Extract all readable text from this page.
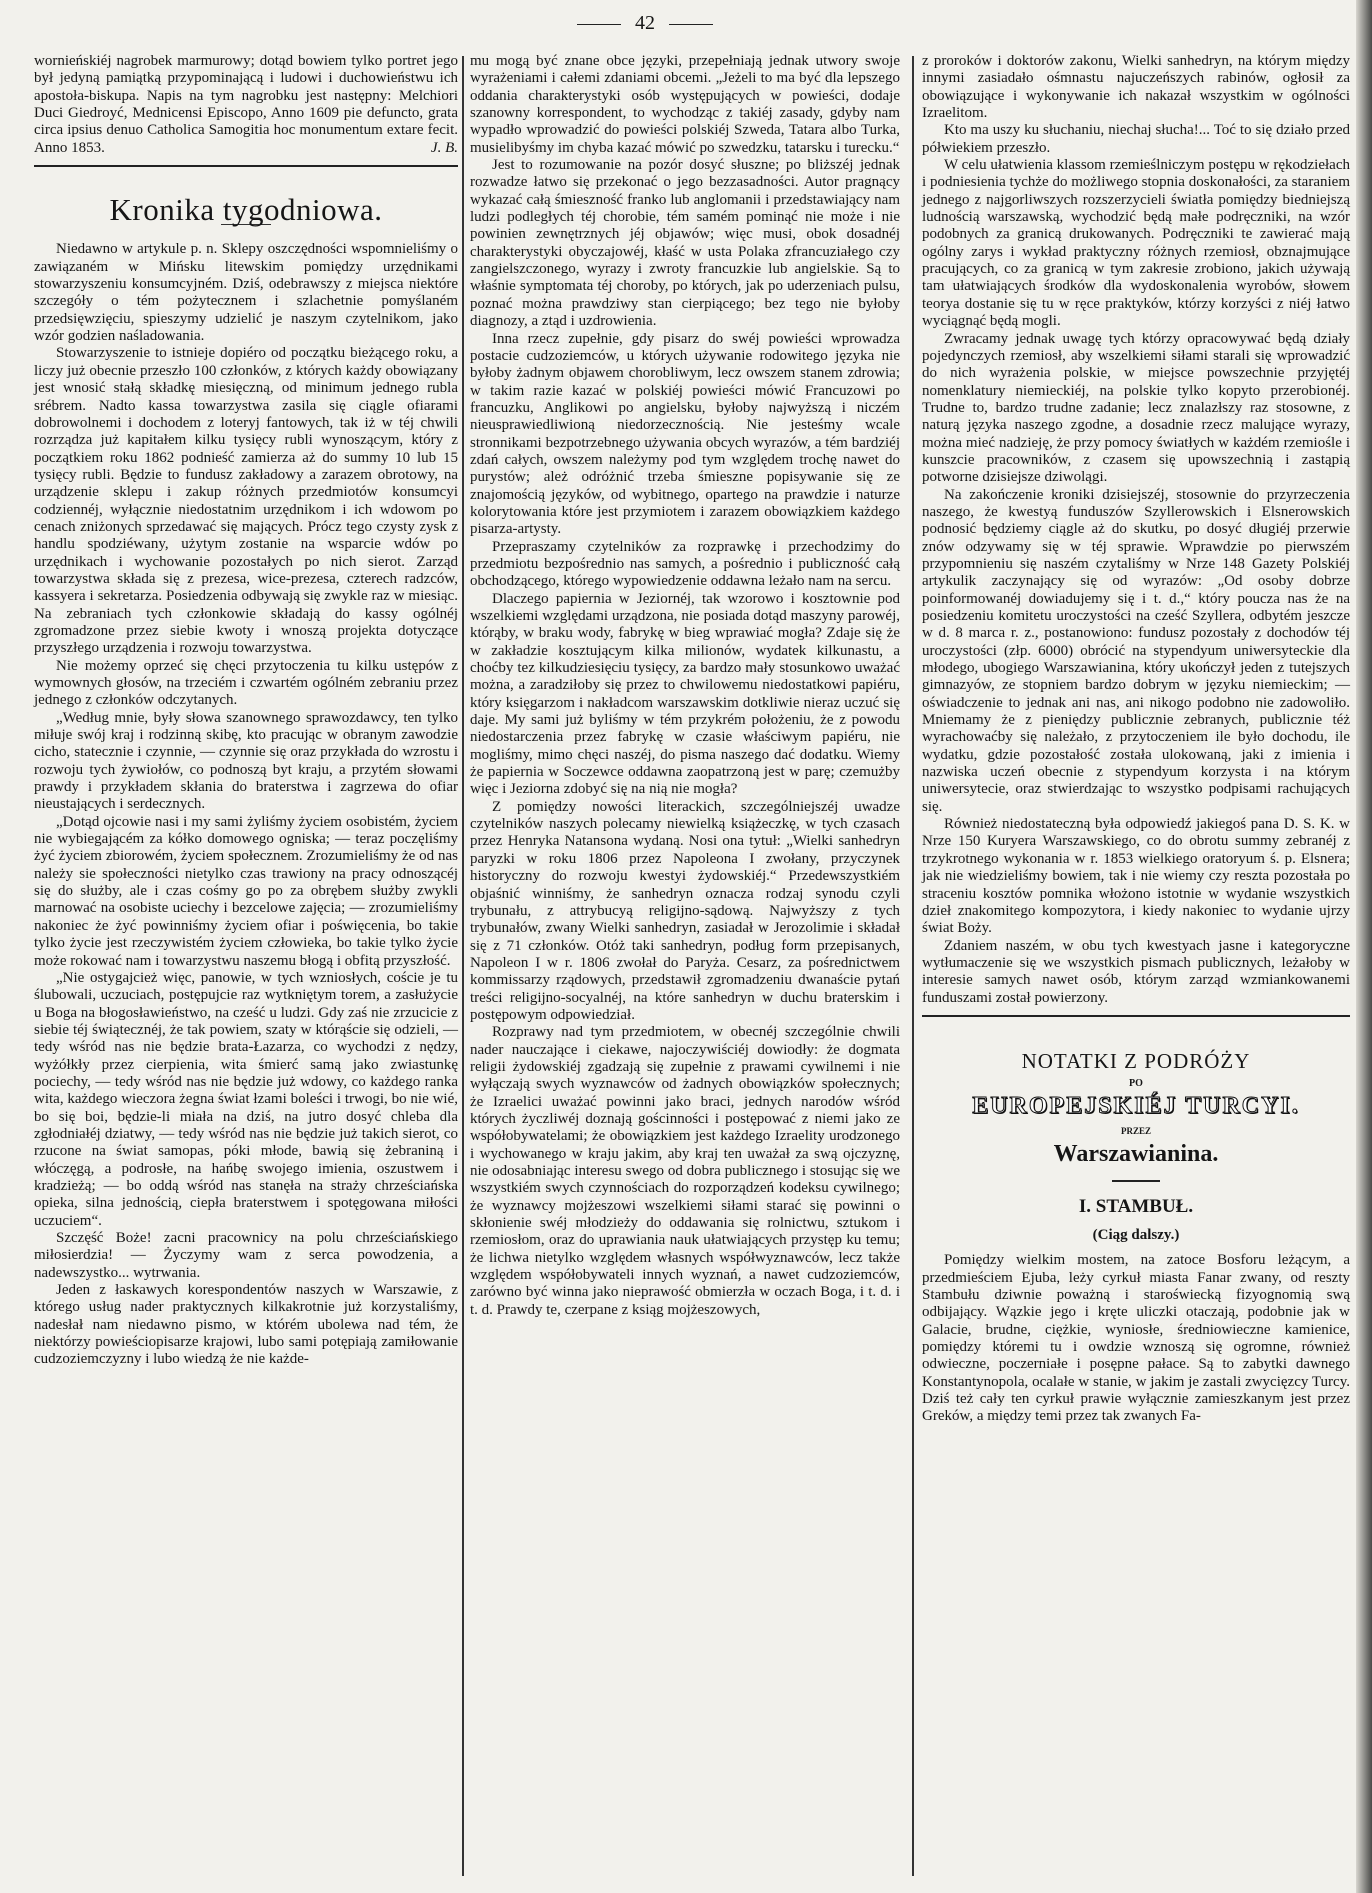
42

wornieńskiéj nagrobek marmurowy; dotąd bowiem tylko portret jego był jedyną pamiątką przypominającą i ludowi i duchowieństwu ich apostoła-biskupa. Napis na tym nagrobku jest następny: Melchiori Duci Giedroyć, Mednicensi Episcopo, Anno 1609 pie defuncto, grata circa ipsius denuo Catholica Samogitia hoc monumentum extare fecit. Anno 1853.	J. B.

Kronika tygodniowa.

Niedawno w artykule p. n. Sklepy oszczędności wspomnieliśmy o zawiązaném w Mińsku litewskim pomiędzy urzędnikami stowarzyszeniu konsumcyjném. Dziś, odebrawszy z miejsca niektóre szczegóły o tém pożytecznem i szlachetnie pomyślaném przedsięwzięciu, spieszymy udzielić je naszym czytelnikom, jako wzór godzien naśladowania.

Stowarzyszenie to istnieje dopiéro od początku bieżącego roku, a liczy już obecnie przeszło 100 członków, z których każdy obowiązany jest wnosić stałą składkę miesięczną, od minimum jednego rubla srébrem. Nadto kassa towarzystwa zasila się ciągle ofiarami dobrowolnemi i dochodem z loteryj fantowych, tak iż w téj chwili rozrządza już kapitałem kilku tysięcy rubli wynoszącym, który z początkiem roku 1862 podnieść zamierza aż do summy 10 lub 15 tysięcy rubli. Będzie to fundusz zakładowy a zarazem obrotowy, na urządzenie sklepu i zakup różnych przedmiotów konsumcyi codziennéj, wyłącznie niedostatnim urzędnikom i ich wdowom po cenach zniżonych sprzedawać się mających. Prócz tego czysty zysk z handlu spodziéwany, użytym zostanie na wsparcie wdów po urzędnikach i wychowanie pozostałych po nich sierot. Zarząd towarzystwa składa się z prezesa, wice-prezesa, czterech radzców, kassyera i sekretarza. Posiedzenia odbywają się zwykle raz w miesiąc. Na zebraniach tych członkowie składają do kassy ogólnéj zgromadzone przez siebie kwoty i wnoszą projekta dotyczące przyszłego urządzenia i rozwoju towarzystwa.

Nie możemy oprzeć się chęci przytoczenia tu kilku ustępów z wymownych głosów, na trzeciém i czwartém ogólném zebraniu przez jednego z członków odczytanych.

„Według mnie, były słowa szanownego sprawozdawcy, ten tylko miłuje swój kraj i rodzinną skibę, kto pracując w obranym zawodzie cicho, statecznie i czynnie, — czynnie się oraz przykłada do wzrostu i rozwoju tych żywiołów, co podnoszą byt kraju, a przytém słowami prawdy i przykładem skłania do braterstwa i zagrzewa do ofiar nieustających i serdecznych.

„Dotąd ojcowie nasi i my sami żyliśmy życiem osobistém, życiem nie wybiegającém za kółko domowego ogniska; — teraz poczęliśmy żyć życiem zbiorowém, życiem społecznem. Zrozumieliśmy że od nas należy sie społeczności nietylko czas trawiony na pracy odnoszącéj się do służby, ale i czas cośmy go po za obrębem służby zwykli marnować na osobiste uciechy i bezcelowe zajęcia; — zrozumieliśmy nakoniec że żyć powinniśmy życiem ofiar i poświęcenia, bo takie tylko życie jest rzeczywistém życiem człowieka, bo takie tylko życie może rokować nam i towarzystwu naszemu błogą i obfitą przyszłość.

„Nie ostygajcież więc, panowie, w tych wzniosłych, coście je tu ślubowali, uczuciach, postępujcie raz wytkniętym torem, a zasłużycie u Boga na błogosławieństwo, na cześć u ludzi. Gdy zaś nie zrzucicie z siebie téj świątecznéj, że tak powiem, szaty w którąście się odzieli, — tedy wśród nas nie będzie brata-Łazarza, co wychodzi z nędzy, wyżółkły przez cierpienia, wita śmierć samą jako zwiastunkę pociechy, — tedy wśród nas nie będzie już wdowy, co każdego ranka wita, każdego wieczora żegna świat łzami boleści i trwogi, bo nie wié, bo się boi, będzie-li miała na dziś, na jutro dosyć chleba dla zgłodniałéj dziatwy, — tedy wśród nas nie będzie już takich sierot, co rzucone na świat samopas, póki młode, bawią się żebraniną i włóczęgą, a podrosłe, na hańbę swojego imienia, oszustwem i kradzieżą; — bo oddą wśród nas stanęła na straży chrześciańska opieka, silna jednością, ciepła braterstwem i spotęgowana miłości uczuciem“.

Szczęść Boże! zacni pracownicy na polu chrześciańskiego miłosierdzia! — Życzymy wam z serca powodzenia, a nadewszystko... wytrwania.

Jeden z łaskawych korespondentów naszych w Warszawie, z którego usług nader praktycznych kilkakrotnie już korzystaliśmy, nadesłał nam niedawno pismo, w którém ubolewa nad tém, że niektórzy powieściopisarze krajowi, lubo sami potępiają zamiłowanie cudzoziemczyzny i lubo wiedzą że nie każde-

mu mogą być znane obce języki, przepełniają jednak utwory swoje wyrażeniami i całemi zdaniami obcemi. „Jeżeli to ma być dla lepszego oddania charakterystyki osób występujących w powieści, dodaje szanowny korrespondent, to wychodząc z takiéj zasady, gdyby nam wypadło wprowadzić do powieści polskiéj Szweda, Tatara albo Turka, musielibyśmy im chyba kazać mówić po szwedzku, tatarsku i turecku.“

Jest to rozumowanie na pozór dosyć słuszne; po bliższéj jednak rozwadze łatwo się przekonać o jego bezzasadności. Autor pragnący wykazać całą śmieszność franko lub anglomanii i przedstawiający nam ludzi podległych téj chorobie, tém samém pominąć nie może i nie powinien zewnętrznych jéj objawów; więc musi, obok dosadnéj charakterystyki obyczajowéj, kłaść w usta Polaka zfrancuziałego czy zangielszczonego, wyrazy i zwroty francuzkie lub angielskie. Są to właśnie symptomata téj choroby, po których, jak po uderzeniach pulsu, poznać można prawdziwy stan cierpiącego; bez tego nie byłoby diagnozy, a ztąd i uzdrowienia.

Inna rzecz zupełnie, gdy pisarz do swéj powieści wprowadza postacie cudzoziemców, u których używanie rodowitego języka nie byłoby żadnym objawem chorobliwym, lecz owszem stanem zdrowia; w takim razie kazać w polskiéj powieści mówić Francuzowi po francuzku, Anglikowi po angielsku, byłoby najwyższą i niczém nieusprawiedliwioną niedorzecznością. Nie jesteśmy wcale stronnikami bezpotrzebnego używania obcych wyrazów, a tém bardziéj zdań całych, owszem należymy pod tym względem trochę nawet do purystów; ależ odróżnić trzeba śmieszne popisywanie się ze znajomością języków, od wybitnego, opartego na prawdzie i naturze kolorytowania które jest przymiotem i zarazem obowiązkiem każdego pisarza-artysty.

Przepraszamy czytelników za rozprawkę i przechodzimy do przedmiotu bezpośrednio nas samych, a pośrednio i publiczność całą obchodzącego, którego wypowiedzenie oddawna leżało nam na sercu.

Dlaczego papiernia w Jeziornéj, tak wzorowo i kosztownie pod wszelkiemi względami urządzona, nie posiada dotąd maszyny parowéj, którąby, w braku wody, fabrykę w bieg wprawiać mogła? Zdaje się że w zakładzie kosztującym kilka milionów, wydatek kilkunastu, a choćby tez kilkudziesięciu tysięcy, za bardzo mały stosunkowo uważać można, a zaradziłoby się przez to chwilowemu niedostatkowi papiéru, który księgarzom i nakładcom warszawskim dotkliwie nieraz uczuć się daje. My sami już byliśmy w tém przykrém położeniu, że z powodu niedostarczenia przez fabrykę w czasie właściwym papiéru, nie mogliśmy, mimo chęci naszéj, do pisma naszego dać dodatku. Wiemy że papiernia w Soczewce oddawna zaopatrzoną jest w parę; czemużby więc i Jeziorna zdobyć się na nią nie mogła?

Z pomiędzy nowości literackich, szczególniejszéj uwadze czytelników naszych polecamy niewielką książeczkę, w tych czasach przez Henryka Natansona wydaną. Nosi ona tytuł: „Wielki sanhedryn paryzki w roku 1806 przez Napoleona I zwołany, przyczynek historyczny do rozwoju kwestyi żydowskiéj.“ Przedewszystkiém objaśnić winniśmy, że sanhedryn oznacza rodzaj synodu czyli trybunału, z attrybucyą religijno-sądową. Najwyższy z tych trybunałów, zwany Wielki sanhedryn, zasiadał w Jerozolimie i składał się z 71 członków. Otóż taki sanhedryn, podług form przepisanych, Napoleon I w r. 1806 zwołał do Paryża. Cesarz, za pośrednictwem kommissarzy rządowych, przedstawił zgromadzeniu dwanaście pytań treści religijno-socyalnéj, na które sanhedryn w duchu braterskim i postępowym odpowiedział.

Rozprawy nad tym przedmiotem, w obecnéj szczególnie chwili nader nauczające i ciekawe, najoczywiściéj dowiodły: że dogmata religii żydowskiéj zgadzają się zupełnie z prawami cywilnemi i nie wyłączają swych wyznawców od żadnych obowiązków społecznych; że Izraelici uważać powinni jako braci, jednych narodów wśród których życzliwéj doznają gościnności i postępować z niemi jako ze współobywatelami; że obowiązkiem jest każdego Izraelity urodzonego i wychowanego w kraju jakim, aby kraj ten uważał za swą ojczyznę, nie odosabniając interesu swego od dobra publicznego i stosując się we wszystkiém swych czynnościach do rozporządzeń kodeksu cywilnego; że wyznawcy mojżeszowi wszelkiemi siłami starać się powinni o skłonienie swéj młodzieży do oddawania się rolnictwu, sztukom i rzemiosłom, oraz do uprawiania nauk ułatwiających przystęp ku temu; że lichwa nietylko względem własnych współwyznawców, lecz także względem współobywateli innych wyznań, a nawet cudzoziemców, zarówno być winna jako nieprawość obmierzła w oczach Boga, i t. d. i t. d. Prawdy te, czerpane z ksiąg mojżeszowych,

z proroków i doktorów zakonu, Wielki sanhedryn, na którym między innymi zasiadało ośmnastu najuczeńszych rabinów, ogłosił za obowiązujące i wykonywanie ich nakazał wszystkim w ogólności Izraelitom.

Kto ma uszy ku słuchaniu, niechaj słucha!... Toć to się działo przed półwiekiem przeszło.

W celu ułatwienia klassom rzemieślniczym postępu w rękodziełach i podniesienia tychże do możliwego stopnia doskonałości, za staraniem jednego z najgorliwszych rozszerzycieli światła pomiędzy biedniejszą ludnością warszawską, wychodzić będą małe podręczniki, na wzór podobnych za granicą drukowanych. Podręczniki te zawierać mają ogólny zarys i wykład praktyczny różnych rzemiosł, obznajmujące pracujących, co za granicą w tym zakresie zrobiono, jakich używają tam ułatwiających środków dla wydoskonalenia wyrobów, słowem teorya dostanie się tu w ręce praktyków, którzy korzyści z niéj łatwo wyciągnąć będą mogli.

Zwracamy jednak uwagę tych którzy opracowywać będą działy pojedynczych rzemiosł, aby wszelkiemi siłami starali się wprowadzić do nich wyrażenia polskie, w miejsce powszechnie przyjętéj nomenklatury niemieckiéj, na polskie tylko kopyto przerobionéj. Trudne to, bardzo trudne zadanie; lecz znalazłszy raz stosowne, z naturą języka naszego zgodne, a dosadnie rzecz malujące wyrazy, można mieć nadzieję, że przy pomocy światłych w każdém rzemiośle i kunszcie pracowników, z czasem się upowszechnią i zastąpią potworne dzisiejsze dziwolągi.

Na zakończenie kroniki dzisiejszéj, stosownie do przyrzeczenia naszego, że kwestyą funduszów Szyllerowskich i Elsnerowskich podnosić będziemy ciągle aż do skutku, po dosyć długiéj przerwie znów odzywamy się w téj sprawie. Wprawdzie po pierwszém przypomnieniu się naszém czytaliśmy w Nrze 148 Gazety Polskiéj artykulik zaczynający się od wyrazów: „Od osoby dobrze poinformowanéj dowiadujemy się i t. d.,“ który poucza nas że na posiedzeniu komitetu uroczystości na cześć Szyllera, odbytém jeszcze w d. 8 marca r. z., postanowiono: fundusz pozostały z dochodów téj uroczystości (złp. 6000) obrócić na stypendyum uniwersyteckie dla młodego, ubogiego Warszawianina, który ukończył jeden z tutejszych gimnazyów, ze stopniem bardzo dobrym w języku niemieckim; — oświadczenie to jednak ani nas, ani nikogo podobno nie zadowoliło. Mniemamy że z pieniędzy publicznie zebranych, publicznie téż wyrachowaćby się należało, z przytoczeniem ile było dochodu, ile wydatku, gdzie pozostałość została ulokowaną, jaki z imienia i nazwiska uczeń obecnie z stypendyum korzysta i na którym uniwersytecie, oraz stwierdzając to wszystko podpisami rachujących się.

Również niedostateczną była odpowiedź jakiegoś pana D. S. K. w Nrze 150 Kuryera Warszawskiego, co do obrotu summy zebranéj z trzykrotnego wykonania w r. 1853 wielkiego oratoryum ś. p. Elsnera; jak nie wiedzieliśmy bowiem, tak i nie wiemy czy reszta pozostała po straceniu kosztów pomnika włożono istotnie w wydanie wszystkich dzieł znakomitego kompozytora, i kiedy nakoniec to wydanie ujrzy świat Boży.

Zdaniem naszém, w obu tych kwestyach jasne i kategoryczne wytłumaczenie się we wszystkich pismach publicznych, leżałoby w interesie samych nawet osób, którym zarząd wzmiankowanemi funduszami został powierzony.

NOTATKI Z PODRÓŻY
PO
EUROPEJSKIÉJ TURCYI.
PRZEZ
Warszawianina.
I. STAMBUŁ.
(Ciąg dalszy.)

Pomiędzy wielkim mostem, na zatoce Bosforu leżącym, a przedmieściem Ejuba, leży cyrkuł miasta Fanar zwany, od reszty Stambułu dziwnie poważną i staroświecką fizyognomią swą odbijający. Wązkie jego i kręte uliczki otaczają, podobnie jak w Galacie, brudne, ciężkie, wyniosłe, średniowieczne kamienice, pomiędzy któremi tu i owdzie wznoszą się ogromne, również odwieczne, poczerniałe i posępne pałace. Są to zabytki dawnego Konstantynopola, ocalałe w stanie, w jakim je zastali zwycięzcy Turcy. Dziś też cały ten cyrkuł prawie wyłącznie zamieszkanym jest przez Greków, a między temi przez tak zwanych Fa-
